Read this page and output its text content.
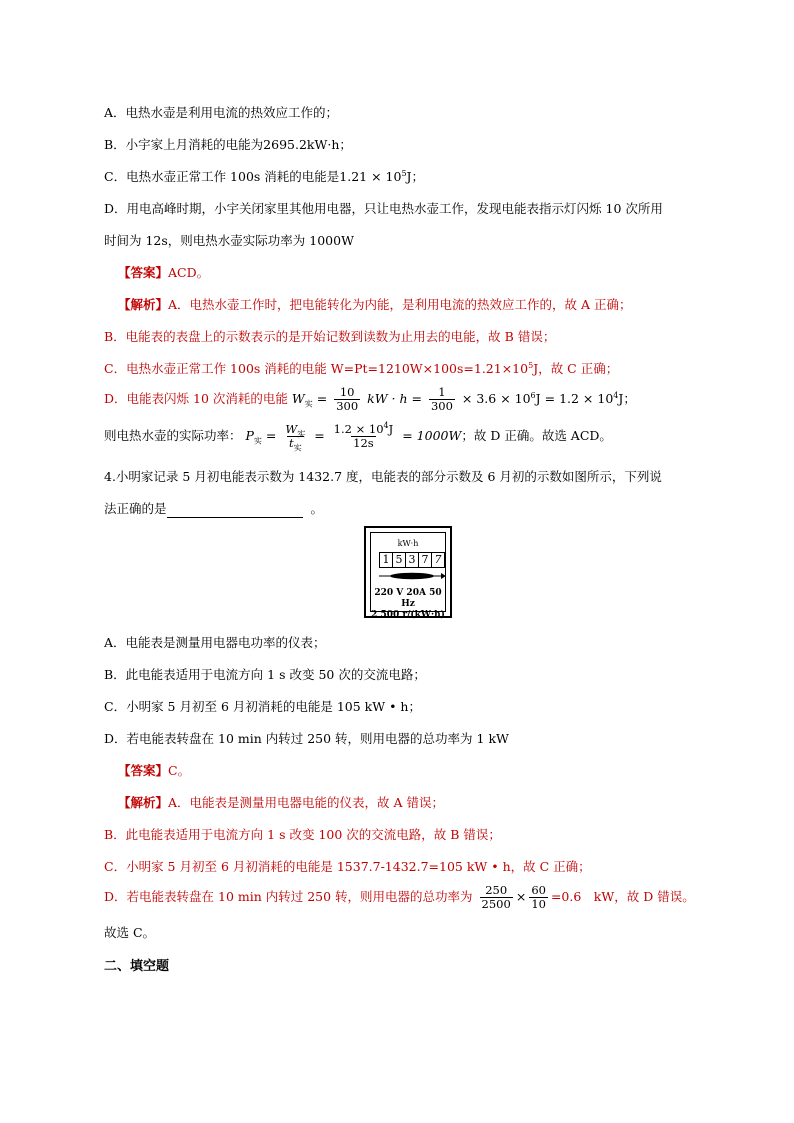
A．电热水壶是利用电流的热效应工作的；
B．小宇家上月消耗的电能为2695.2kW·h；
C．电热水壶正常工作 100s 消耗的电能是$1.21 \times 10^5J$；
D．用电高峰时期，小宇关闭家里其他用电器，只让电热水壶工作，发现电能表指示灯闪烁 10 次所用
时间为 12s，则电热水壶实际功率为 1000W
【答案】ACD。
【解析】A．电热水壶工作时，把电能转化为内能，是利用电流的热效应工作的，故 A 正确；
B．电能表的表盘上的示数表示的是开始记数到读数为止用去的电能，故 B 错误；
C．电热水壶正常工作 100s 消耗的电能 $W=Pt=1210W\times 100s=1.21\times 10^5J$，故 C 正确；
D．电能表闪烁 10 次消耗的电能 $W_实 = \frac{10}{300}$ kW · $h = \frac{1}{300} \times 3.6 \times 10^6J = 1.2 \times 10^4J$；
则电热水壶的实际功率： $P_实 = \frac{W_实}{t_实} = \frac{1.2 \times 10^4J}{12s} = 1000W$；故 D 正确。故选 ACD。
4.小明家记录 5 月初电能表示数为 1432.7 度，电能表的部分示数及 6 月初的示数如图所示，下列说
法正确的是	。
kW·h
1 5 3 7 7
220 V 20A 50 Hz
2 500 r/(kW·h)
A．电能表是测量用电器电功率的仪表；
B．此电能表适用于电流方向 1 s 改变 50 次的交流电路；
C．小明家 5 月初至 6 月初消耗的电能是 105 kW • h；
D．若电能表转盘在 10 min 内转过 250 转，则用电器的总功率为 1 kW
【答案】C。
【解析】A．电能表是测量用电器电能的仪表，故 A 错误；
B．此电能表适用于电流方向 1 s 改变 100 次的交流电路，故 B 错误；
C．小明家 5 月初至 6 月初消耗的电能是 1537.7-1432.7=105 kW • h，故 C 正确；
D．若电能表转盘在 10 min 内转过 250 转，则用电器的总功率为 $\frac{250}{2500} \times \frac{60}{10} =0.6$　kW，故 D 错误。
故选 C。
二、填空题
